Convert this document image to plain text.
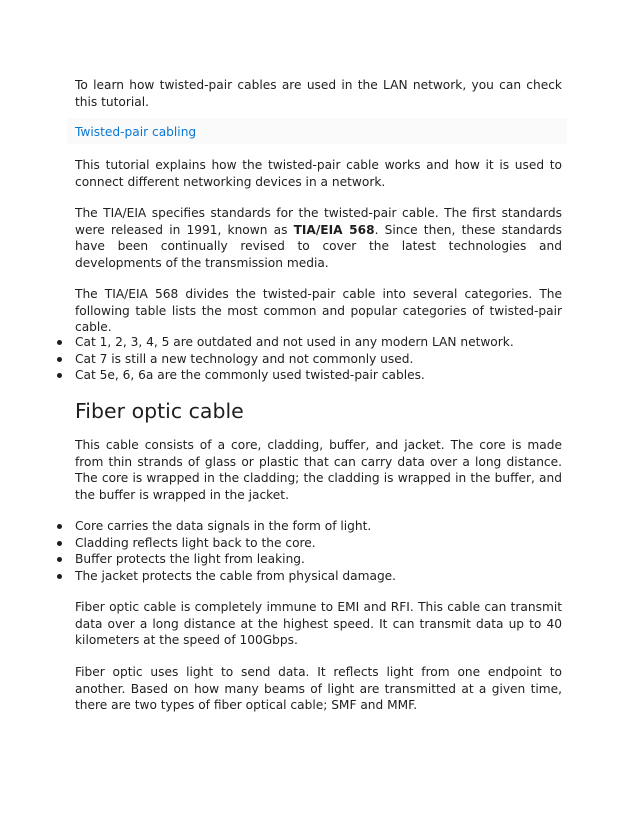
To learn how twisted-pair cables are used in the LAN network, you can check this tutorial.

Twisted-pair cabling

This tutorial explains how the twisted-pair cable works and how it is used to connect different networking devices in a network.

The TIA/EIA specifies standards for the twisted-pair cable. The first standards were released in 1991, known as TIA/EIA 568. Since then, these standards have been continually revised to cover the latest technologies and developments of the transmission media.

The TIA/EIA 568 divides the twisted-pair cable into several categories. The following table lists the most common and popular categories of twisted-pair cable.

Cat 1, 2, 3, 4, 5 are outdated and not used in any modern LAN network.
Cat 7 is still a new technology and not commonly used.
Cat 5e, 6, 6a are the commonly used twisted-pair cables.
Fiber optic cable

This cable consists of a core, cladding, buffer, and jacket. The core is made from thin strands of glass or plastic that can carry data over a long distance. The core is wrapped in the cladding; the cladding is wrapped in the buffer, and the buffer is wrapped in the jacket.

Core carries the data signals in the form of light.
Cladding reflects light back to the core.
Buffer protects the light from leaking.
The jacket protects the cable from physical damage.

Fiber optic cable is completely immune to EMI and RFI. This cable can transmit data over a long distance at the highest speed. It can transmit data up to 40 kilometers at the speed of 100Gbps.

Fiber optic uses light to send data. It reflects light from one endpoint to another. Based on how many beams of light are transmitted at a given time, there are two types of fiber optical cable; SMF and MMF.
